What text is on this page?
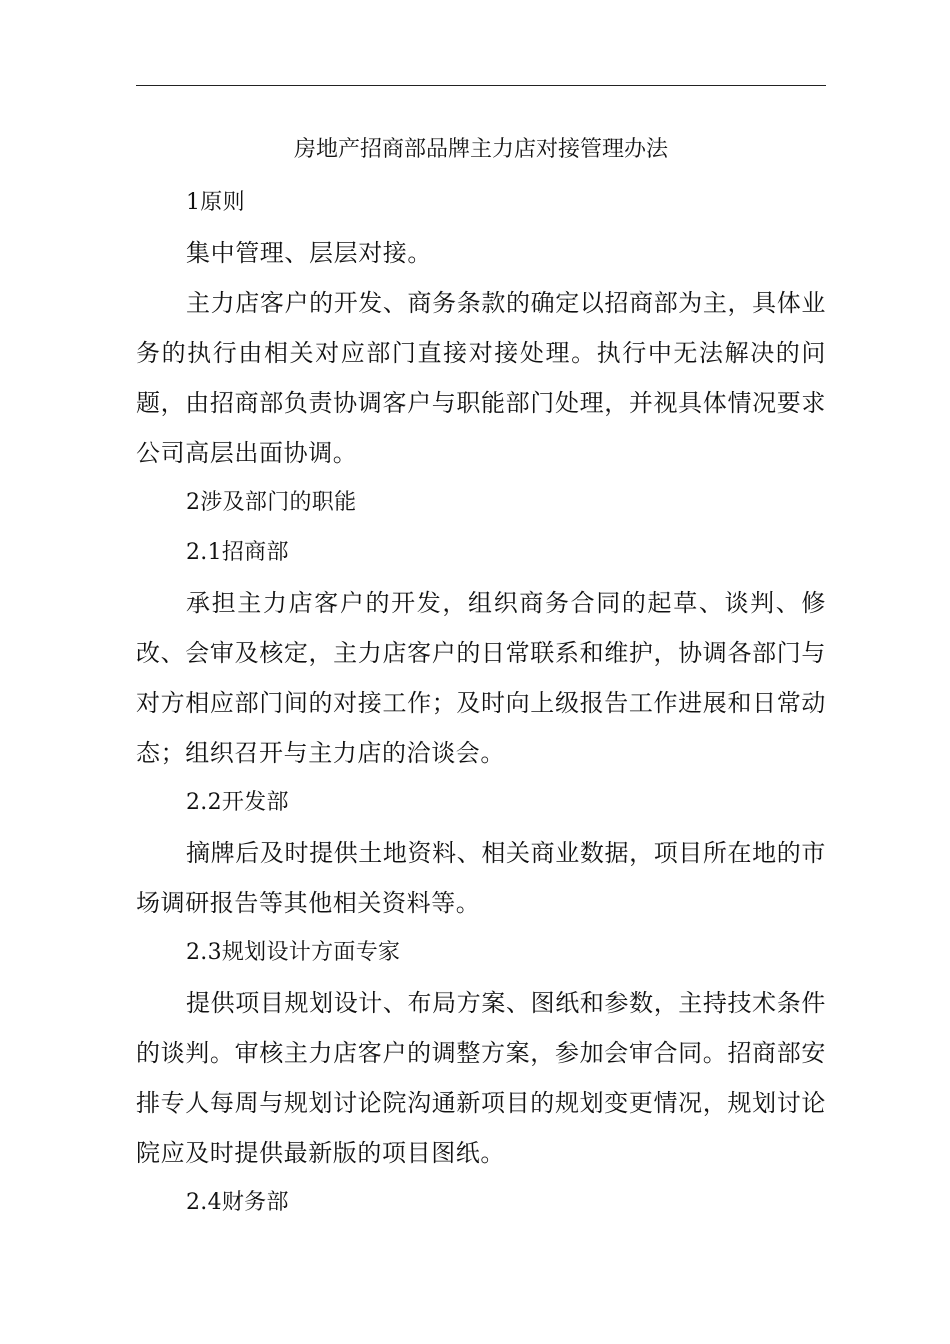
房地产招商部品牌主力店对接管理办法

1原则

集中管理、层层对接。

主力店客户的开发、商务条款的确定以招商部为主，具体业务的执行由相关对应部门直接对接处理。执行中无法解决的问题，由招商部负责协调客户与职能部门处理，并视具体情况要求公司高层出面协调。

2涉及部门的职能

2.1招商部

承担主力店客户的开发，组织商务合同的起草、谈判、修改、会审及核定，主力店客户的日常联系和维护，协调各部门与对方相应部门间的对接工作；及时向上级报告工作进展和日常动态；组织召开与主力店的洽谈会。

2.2开发部

摘牌后及时提供土地资料、相关商业数据，项目所在地的市场调研报告等其他相关资料等。

2.3规划设计方面专家

提供项目规划设计、布局方案、图纸和参数，主持技术条件的谈判。审核主力店客户的调整方案，参加会审合同。招商部安排专人每周与规划讨论院沟通新项目的规划变更情况，规划讨论院应及时提供最新版的项目图纸。

2.4财务部
